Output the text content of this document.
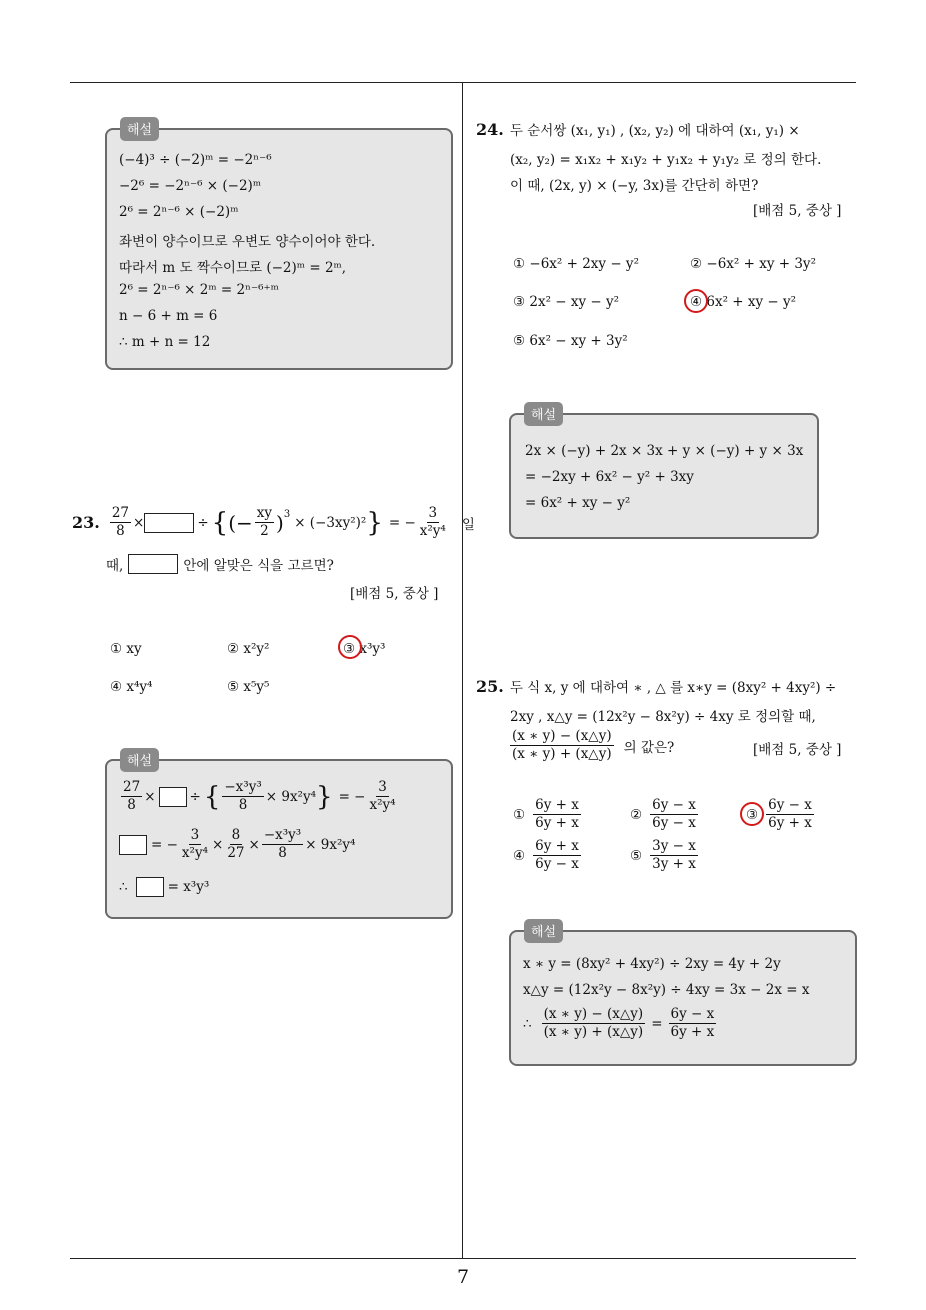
7
(−4)³ ÷ (−2)ᵐ = −2ⁿ⁻⁶
−2⁶ = −2ⁿ⁻⁶ × (−2)ᵐ
2⁶ = 2ⁿ⁻⁶ × (−2)ᵐ
좌변이 양수이므로 우변도 양수이어야 한다.
따라서 m 도 짝수이므로 (−2)ᵐ = 2ᵐ,
2⁶ = 2ⁿ⁻⁶ × 2ᵐ = 2ⁿ⁻⁶⁺ᵐ
n − 6 + m = 6
∴ m + n = 12
해설
23. $\frac{27}{8}$ ×	÷ { (− $\frac{xy}{2} )^3 \times (-3xy^2)^2$ } = − $\frac{3}{\text{x²y⁴}}$ 일
때,	안에 알맞은 식을 고르면?
[배점 5, 중상 ]
① xy	② x²y²	③ x³y³
④ x⁴y⁴	⑤ x⁵y⁵
$\frac{27}{8}$ ×	÷ { $\frac{\text{−x³y³}}{8} \times 9x^2y^4$ } = − $\frac{3}{\text{x²y⁴}}$
= − $\frac{3}{\text{x²y⁴}} \times \frac{8}{27} \times \frac{\text{−x³y³}}{8} \times 9x^2y^4$
∴	= x³y³
해설
24. 두 순서쌍 (x₁, y₁) , (x₂, y₂) 에 대하여 (x₁, y₁) ×
(x₂, y₂) = x₁x₂ + x₁y₂ + y₁x₂ + y₁y₂ 로 정의 한다.
이 때, (2x, y) × (−y, 3x)를 간단히 하면?
[배점 5, 중상 ]
① −6x² + 2xy − y²	② −6x² + xy + 3y²
③ 2x² − xy − y²	④ 6x² + xy − y²
⑤ 6x² − xy + 3y²
2x × (−y) + 2x × 3x + y × (−y) + y × 3x
= −2xy + 6x² − y² + 3xy
= 6x² + xy − y²
해설
25. 두 식 x, y 에 대하여 ∗ , △ 를 x∗y = (8xy² + 4xy²) ÷
2xy , x△y = (12x²y − 8x²y) ÷ 4xy 로 정의할 때,
$\frac{(x ∗ y) - (x\triangle y)}{(x ∗ y) + (x\triangle y)}$ 의 값은?	[배점 5, 중상 ]
① $\frac{6y + x}{6y + x}$	② $\frac{6y - x}{6y - x}$	③ $\frac{6y - x}{6y + x}$
④ $\frac{6y + x}{6y - x}$	⑤ $\frac{3y - x}{3y + x}$
x ∗ y = (8xy² + 4xy²) ÷ 2xy = 4y + 2y
x△y = (12x²y − 8x²y) ÷ 4xy = 3x − 2x = x
∴ $\frac{(x ∗ y) - (x\triangle y)}{(x ∗ y) + (x\triangle y)} = \frac{6y - x}{6y + x}$
해설
